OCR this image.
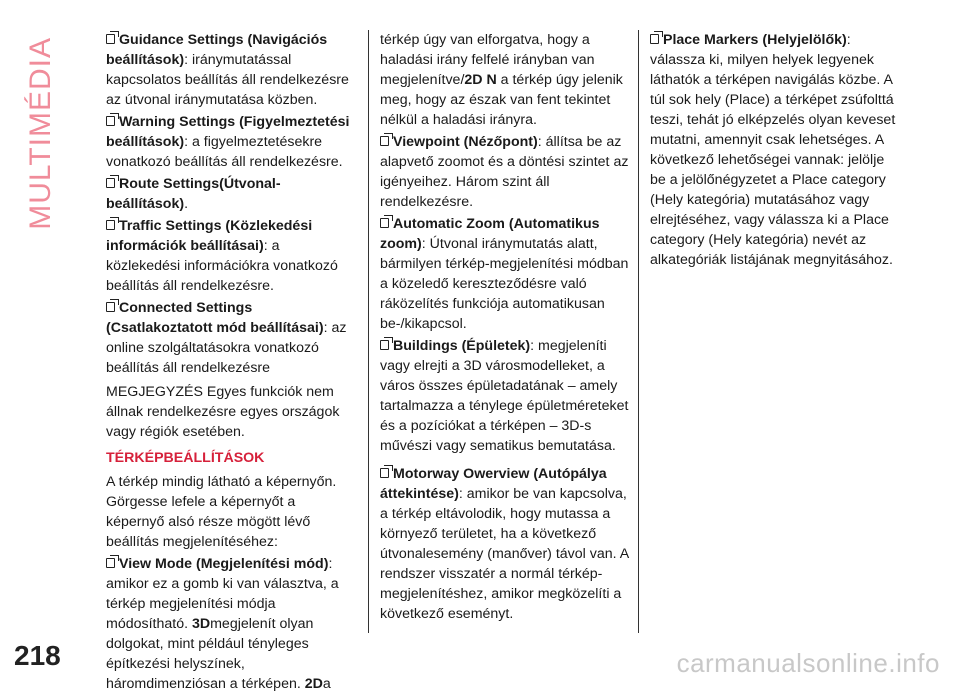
MULTIMÉDIA	Guidance Settings (Navigációs beállítások): iránymutatással kapcsolatos beállítás áll rendelkezésre az útvonal iránymutatása közben.

Warning Settings (Figyelmeztetési beállítások): a figyelmeztetésekre vonatkozó beállítás áll rendelkezésre.

Route Settings(Útvonal-beállítások).

Traffic Settings (Közlekedési információk beállításai): a közlekedési információkra vonatkozó beállítás áll rendelkezésre.

Connected Settings (Csatlakoztatott mód beállításai): az online szolgáltatásokra vonatkozó beállítás áll rendelkezésre

MEGJEGYZÉS Egyes funkciók nem állnak rendelkezésre egyes országok vagy régiók esetében.

TÉRKÉPBEÁLLÍTÁSOK

A térkép mindig látható a képernyőn. Görgesse lefele a képernyőt a képernyő alsó része mögött lévő beállítás megjelenítéséhez:

View Mode (Megjelenítési mód): amikor ez a gomb ki van választva, a térkép megjelenítési módja módosítható. 3Dmegjelenít olyan dolgokat, mint például tényleges építkezési helyszínek, háromdimenziósan a térképen. 2Da

térkép úgy van elforgatva, hogy a haladási irány felfelé irányban van megjelenítve/2D N a térkép úgy jelenik meg, hogy az észak van fent tekintet nélkül a haladási irányra.

Viewpoint (Nézőpont): állítsa be az alapvető zoomot és a döntési szintet az igényeihez. Három szint áll rendelkezésre.

Automatic Zoom (Automatikus zoom): Útvonal iránymutatás alatt, bármilyen térkép-megjelenítési módban a közeledő kereszteződésre való ráközelítés funkciója automatikusan be-/kikapcsol.

Buildings (Épületek): megjeleníti vagy elrejti a 3D városmodelleket, a város összes épületadatának – amely tartalmazza a ténylege épületméreteket és a pozíciókat a térképen – 3D-s művészi vagy sematikus bemutatása.

Motorway Owerview (Autópálya áttekintése): amikor be van kapcsolva, a térkép eltávolodik, hogy mutassa a környező területet, ha a következő útvonalesemény (manőver) távol van. A rendszer visszatér a normál térkép-megjelenítéshez, amikor megközelíti a következő eseményt.

Place Markers (Helyjelölők): válassza ki, milyen helyek legyenek láthatók a térképen navigálás közbe. A túl sok hely (Place) a térképet zsúfolttá teszi, tehát jó elképzelés olyan keveset mutatni, amennyit csak lehetséges. A következő lehetőségei vannak: jelölje be a jelölőnégyzetet a Place category (Hely kategória) mutatásához vagy elrejtéséhez, vagy válassza ki a Place category (Hely kategória) nevét az alkategóriák listájának megnyitásához.

218	carmanualsonline.info
